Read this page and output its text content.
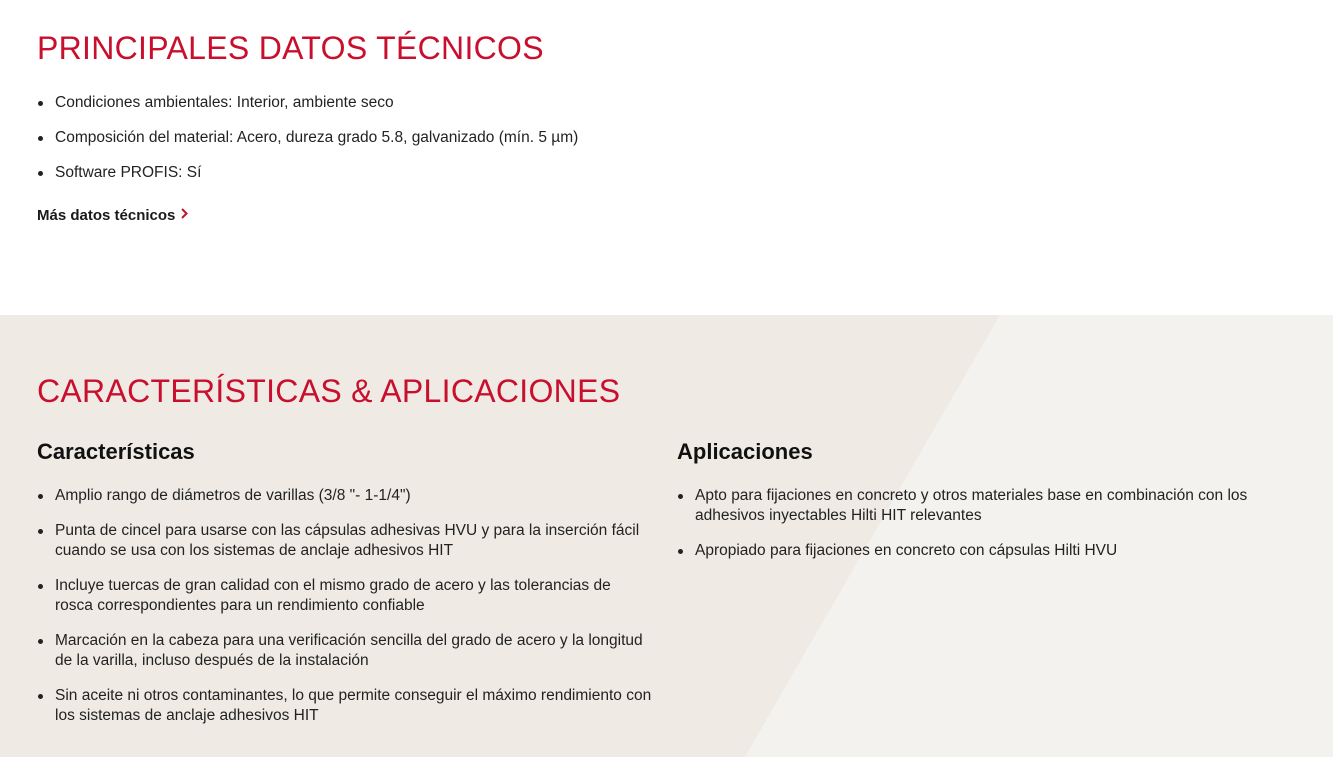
PRINCIPALES DATOS TÉCNICOS
Condiciones ambientales: Interior, ambiente seco
Composición del material: Acero, dureza grado 5.8, galvanizado (mín. 5 µm)
Software PROFIS: Sí
Más datos técnicos
CARACTERÍSTICAS & APLICACIONES
Características
Amplio rango de diámetros de varillas (3/8 "- 1-1/4")
Punta de cincel para usarse con las cápsulas adhesivas HVU y para la inserción fácil cuando se usa con los sistemas de anclaje adhesivos HIT
Incluye tuercas de gran calidad con el mismo grado de acero y las tolerancias de rosca correspondientes para un rendimiento confiable
Marcación en la cabeza para una verificación sencilla del grado de acero y la longitud de la varilla, incluso después de la instalación
Sin aceite ni otros contaminantes, lo que permite conseguir el máximo rendimiento con los sistemas de anclaje adhesivos HIT
Aplicaciones
Apto para fijaciones en concreto y otros materiales base en combinación con los adhesivos inyectables Hilti HIT relevantes
Apropiado para fijaciones en concreto con cápsulas Hilti HVU
